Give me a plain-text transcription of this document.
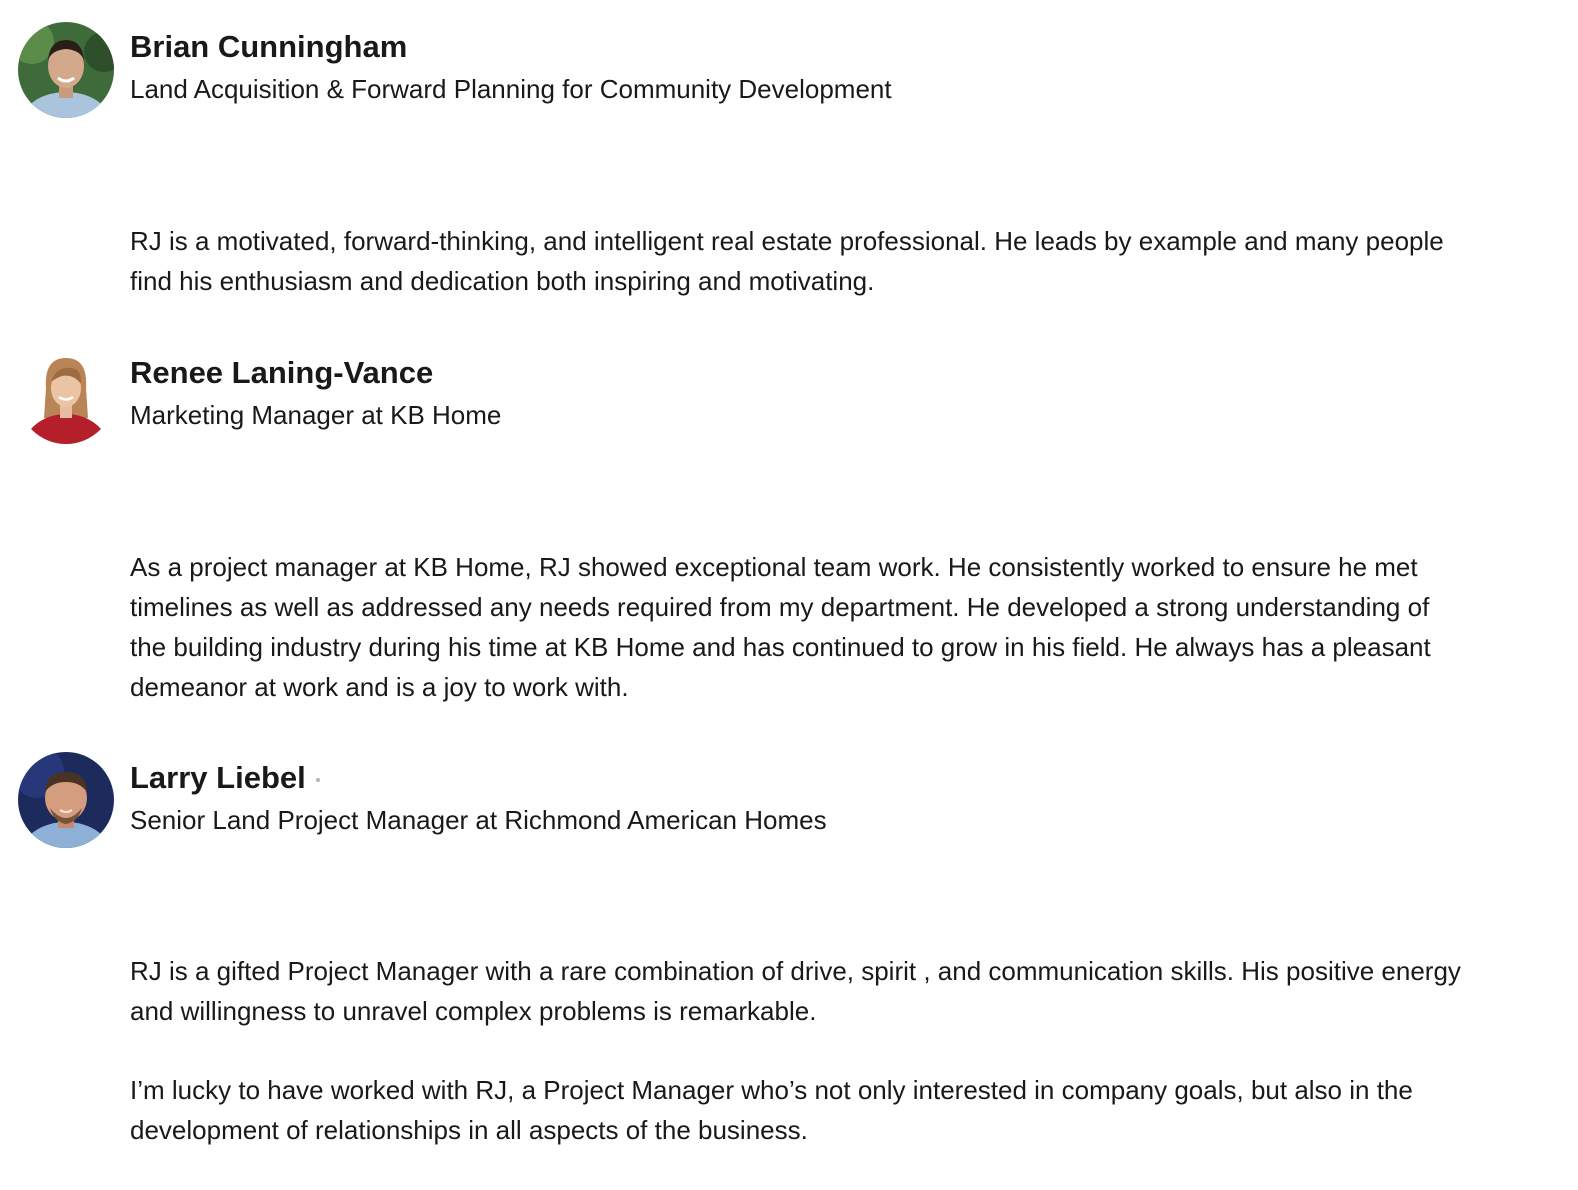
Brian Cunningham
Land Acquisition & Forward Planning for Community Development

RJ is a motivated, forward-thinking, and intelligent real estate professional. He leads by example and many people find his enthusiasm and dedication both inspiring and motivating.

Renee Laning-Vance
Marketing Manager at KB Home

As a project manager at KB Home, RJ showed exceptional team work. He consistently worked to ensure he met timelines as well as addressed any needs required from my department. He developed a strong understanding of the building industry during his time at KB Home and has continued to grow in his field. He always has a pleasant demeanor at work and is a joy to work with.

Larry Liebel
Senior Land Project Manager at Richmond American Homes

RJ is a gifted Project Manager with a rare combination of drive, spirit , and communication skills. His positive energy and willingness to unravel complex problems is remarkable.

I’m lucky to have worked with RJ, a Project Manager who’s not only interested in company goals, but also in the development of relationships in all aspects of the business.
